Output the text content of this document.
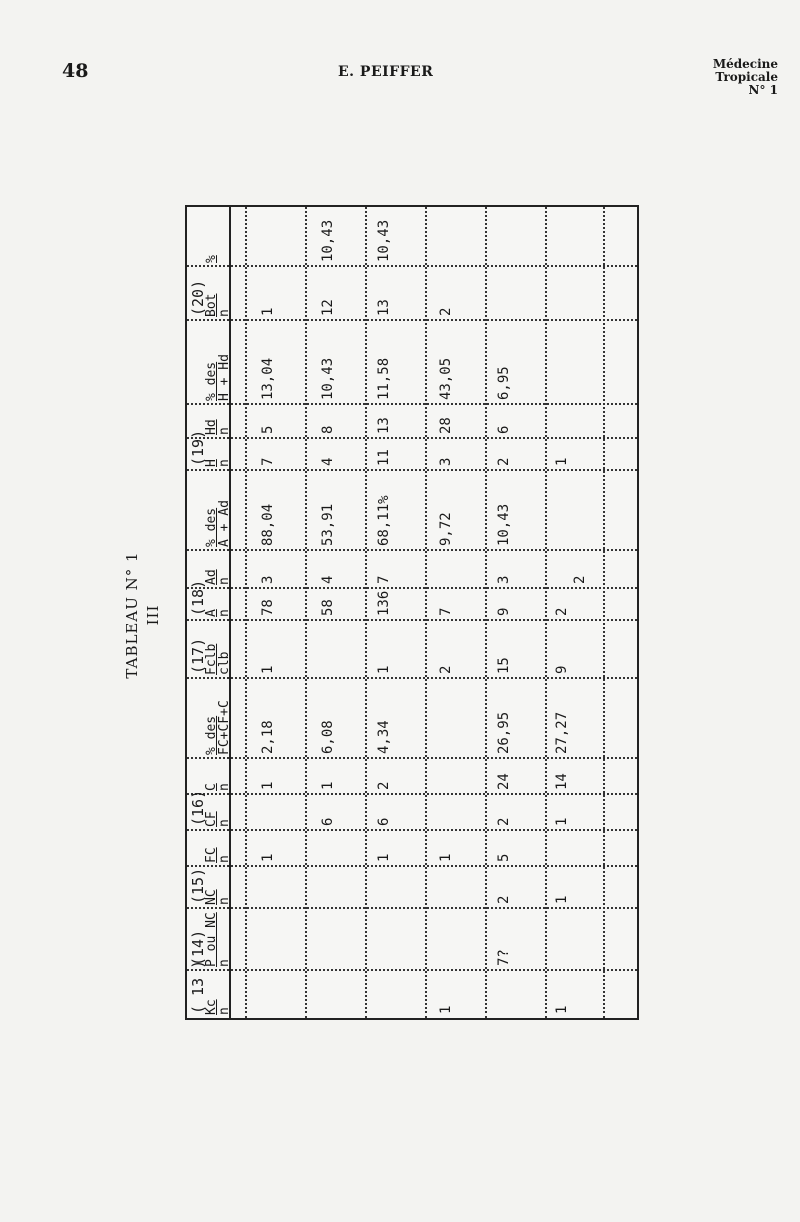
48	E. PEIFFER	Médecine
Tropicale
N° 1
TABLEAU N° 1 III
( 13 )
(14)
(15)
(16)
(17)
(18)
(19)
(20)
Kc
n
P ou NC
n
NC
n
FC
n
CF
n
C
n
% des
FC+CF+C
Fclb
clb
A
n
Ad
n
% des
A + Ad
H
n
Hd
n
% des
H + Hd
Bot
n
%
1
1
2,18
1
78
3
88,04
7
5
13,04
1
6
1
6,08
58
4
53,91
4
8
10,43
12
10,43
1
6
2
4,34
1
136
7
68,11%
11
13
11,58
13
10,43
1
1
2
7
9,72
3
28
43,05
2
7?
2
5
2
24
26,95
15
9
3
10,43
2
6
6,95
1
1
1
14
27,27
9
2
1
2
